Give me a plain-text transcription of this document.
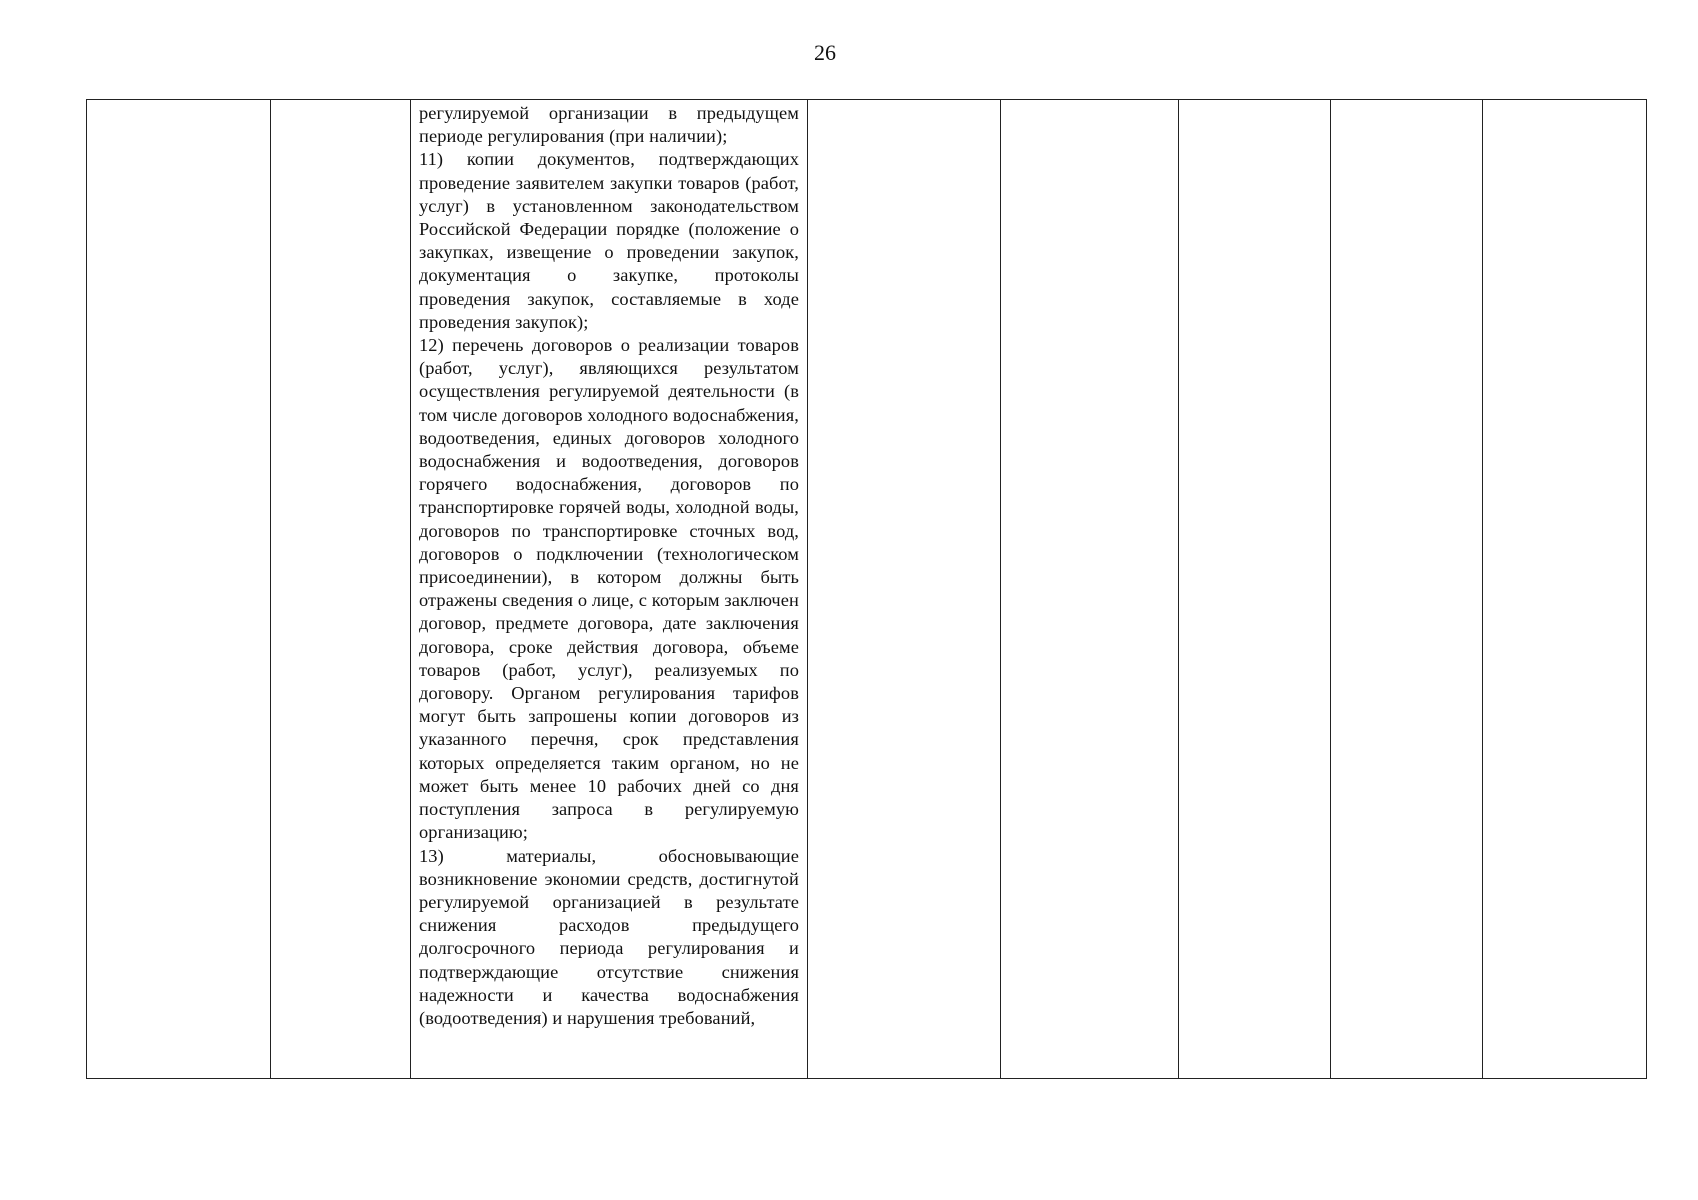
26

регулируемой организации в предыдущем периоде регулирования (при наличии);

11) копии документов, подтверждающих проведение заявителем закупки товаров (работ, услуг) в установленном законодательством Российской Федерации порядке (положение о закупках, извещение о проведении закупок, документация о закупке, протоколы проведения закупок, составляемые в ходе проведения закупок);

12) перечень договоров о реализации товаров (работ, услуг), являющихся результатом осуществления регулируемой деятельности (в том числе договоров холодного водоснабжения, водоотведения, единых договоров холодного водоснабжения и водоотведения, договоров горячего водоснабжения, договоров по транспортировке горячей воды, холодной воды, договоров по транспортировке сточных вод, договоров о подключении (технологическом присоединении), в котором должны быть отражены сведения о лице, с которым заключен договор, предмете договора, дате заключения договора, сроке действия договора, объеме товаров (работ, услуг), реализуемых по договору. Органом регулирования тарифов могут быть запрошены копии договоров из указанного перечня, срок представления которых определяется таким органом, но не может быть менее 10 рабочих дней со дня поступления запроса в регулируемую организацию;

13) материалы, обосновывающие возникновение экономии средств, достигнутой регулируемой организацией в результате снижения расходов предыдущего долгосрочного периода регулирования и подтверждающие отсутствие снижения надежности и качества водоснабжения (водоотведения) и нарушения требований,
